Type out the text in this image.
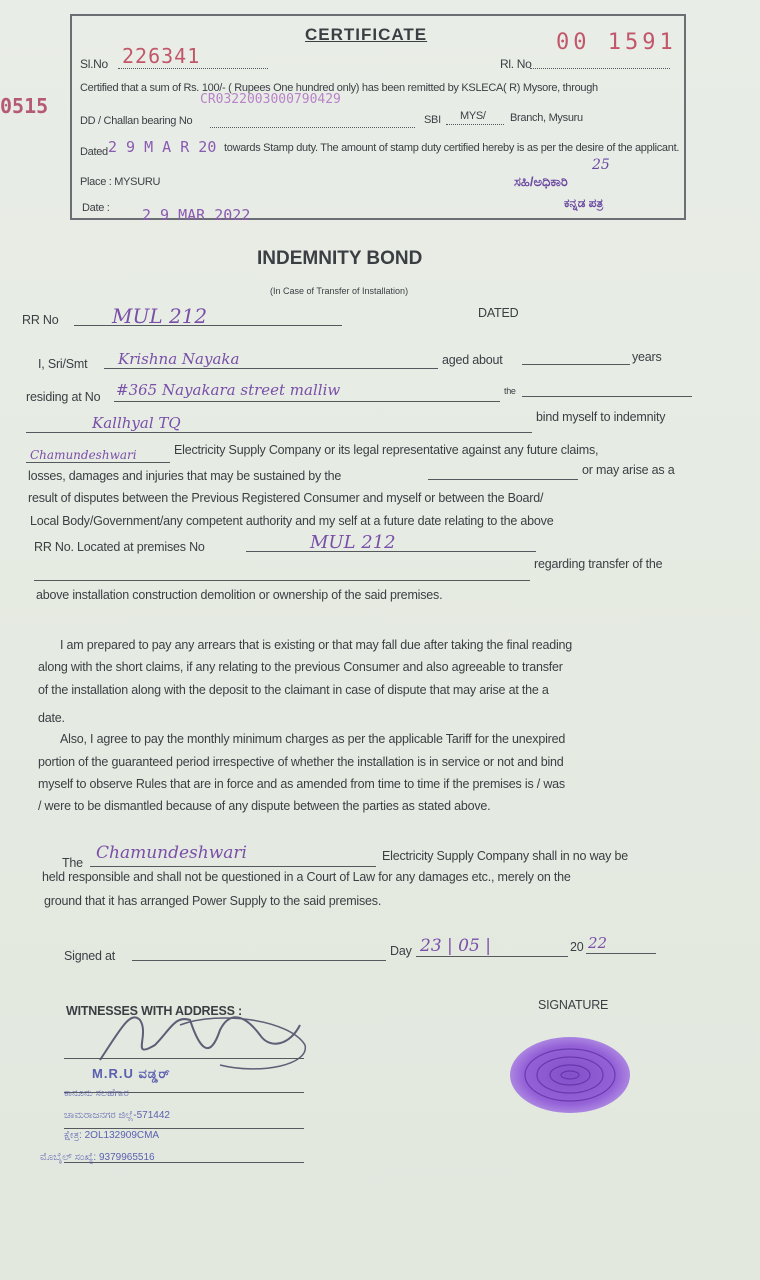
0515
CERTIFICATE
Sl.No 226341	Rl. No
00 1591
Certified that a sum of Rs. 100/- ( Rupees One hundred only) has been remitted by KSLECA( R) Mysore, through
CR0322003000790429
DD / Challan bearing No	SBI MYS/ Branch, Mysuru
Dated 2 9 M A R 20 towards Stamp duty. The amount of stamp duty certified hereby is as per the desire of the applicant.
Place : MYSURU
Date : 2 9 MAR 2022
25
ಸಹಿ/ಅಧಿಕಾರಿ
ಕನ್ನಡ ಪತ್ರ
INDEMNITY BOND
(In Case of Transfer of Installation)
RR No	MUL 212	DATED
I, Sri/Smt Krishna Nayaka	aged about	years
residing at No #365 Nayakara street malliw	the
Kallhyal TQ	bind myself to indemnity
Chamundeshwari	Electricity Supply Company or its legal representative against any future claims,
losses, damages and injuries that may be sustained by the	or may arise as a
result of disputes between the Previous Registered Consumer and myself or between the Board/
Local Body/Government/any competent authority and my self at a future date relating to the above
RR No. Located at premises No	MUL 212
regarding transfer of the
above installation construction demolition or ownership of the said premises.
I am prepared to pay any arrears that is existing or that may fall due after taking the final reading
along with the short claims, if any relating to the previous Consumer and also agreeable to transfer
of the installation along with the deposit to the claimant in case of dispute that may arise at the a
date.
Also, I agree to pay the monthly minimum charges as per the applicable Tariff for the unexpired
portion of the guaranteed period irrespective of whether the installation is in service or not and bind
myself to observe Rules that are in force and as amended from time to time if the premises is / was
/ were to be dismantled because of any dispute between the parties as stated above.
The Chamundeshwari	Electricity Supply Company shall in no way be
held responsible and shall not be questioned in a Court of Law for any damages etc., merely on the
ground that it has arranged Power Supply to the said premises.
Signed at	Day 23 | 05 |	20 22
WITNESSES WITH ADDRESS :	SIGNATURE
M.R.U ವಡ್ಡರ್
ಕಾನೂನು ಸಲಹೆಗಾರ
ಚಾಮರಾಜನಗರ ಜಿಲ್ಲೆ-571442
ಕ್ಷೇತ್ರ: 2OL132909CMA
ಮೊಬೈಲ್ ಸಂಖ್ಯೆ: 9379965516
